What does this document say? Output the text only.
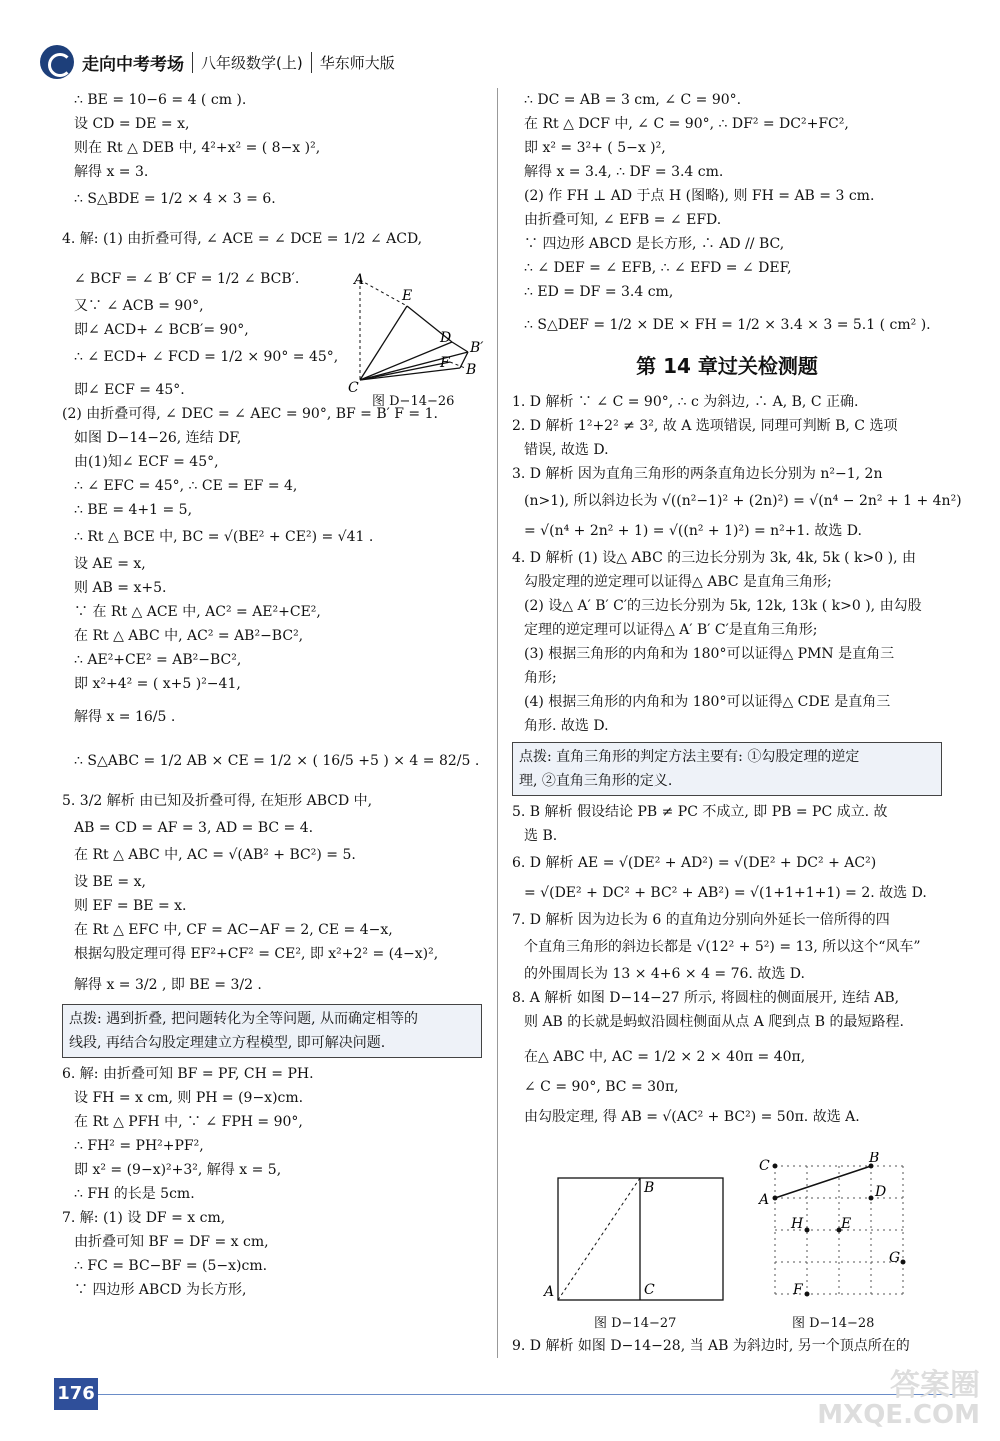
走向中考考场	八年级数学(上)	华东师大版
∴ BE = 10−6 = 4 ( cm ).
设 CD = DE = x,
则在 Rt △ DEB 中, 4²+x² = ( 8−x )²,
解得 x = 3.
∴ S△BDE = 1/2 × 4 × 3 = 6.
4. 解: (1) 由折叠可得, ∠ ACE = ∠ DCE = 1/2 ∠ ACD,
∠ BCF = ∠ B′ CF = 1/2 ∠ BCB′.
又∵ ∠ ACB = 90°,
即∠ ACD+ ∠ BCB′= 90°,
∴ ∠ ECD+ ∠ FCD = 1/2 × 90° = 45°,
即∠ ECF = 45°.
(2) 由折叠可得, ∠ DEC = ∠ AEC = 90°, BF = B′ F = 1.
如图 D−14−26, 连结 DF,
由(1)知∠ ECF = 45°,
∴ ∠ EFC = 45°, ∴ CE = EF = 4,
∴ BE = 4+1 = 5,
∴ Rt △ BCE 中, BC = √(BE² + CE²) = √41 .
设 AE = x,
则 AB = x+5.
∵ 在 Rt △ ACE 中, AC² = AE²+CE²,
在 Rt △ ABC 中, AC² = AB²−BC²,
∴ AE²+CE² = AB²−BC²,
即 x²+4² = ( x+5 )²−41,
解得 x = 16/5 .
∴ S△ABC = 1/2 AB × CE = 1/2 × ( 16/5 +5 ) × 4 = 82/5 .
5. 3/2 解析 由已知及折叠可得, 在矩形 ABCD 中,
AB = CD = AF = 3, AD = BC = 4.
在 Rt △ ABC 中, AC = √(AB² + BC²) = 5.
设 BE = x,
则 EF = BE = x.
在 Rt △ EFC 中, CF = AC−AF = 2, CE = 4−x,
根据勾股定理可得 EF²+CF² = CE², 即 x²+2² = (4−x)²,
解得 x = 3/2 , 即 BE = 3/2 .
点拨: 遇到折叠, 把问题转化为全等问题, 从而确定相等的
线段, 再结合勾股定理建立方程模型, 即可解决问题.
6. 解: 由折叠可知 BF = PF, CH = PH.
设 FH = x cm, 则 PH = (9−x)cm.
在 Rt △ PFH 中, ∵ ∠ FPH = 90°,
∴ FH² = PH²+PF²,
即 x² = (9−x)²+3², 解得 x = 5,
∴ FH 的长是 5cm.
7. 解: (1) 设 DF = x cm,
由折叠可知 BF = DF = x cm,
∴ FC = BC−BF = (5−x)cm.
∵ 四边形 ABCD 为长方形,
A
E
D
B′
F B
C
图 D−14−26
∴ DC = AB = 3 cm, ∠ C = 90°.
在 Rt △ DCF 中, ∠ C = 90°, ∴ DF² = DC²+FC²,
即 x² = 3²+ ( 5−x )²,
解得 x = 3.4, ∴ DF = 3.4 cm.
(2) 作 FH ⊥ AD 于点 H (图略), 则 FH = AB = 3 cm.
由折叠可知, ∠ EFB = ∠ EFD.
∵ 四边形 ABCD 是长方形, ∴ AD // BC,
∴ ∠ DEF = ∠ EFB, ∴ ∠ EFD = ∠ DEF,
∴ ED = DF = 3.4 cm,
∴ S△DEF = 1/2 × DE × FH = 1/2 × 3.4 × 3 = 5.1 ( cm² ).
第 14 章过关检测题
1. D 解析 ∵ ∠ C = 90°, ∴ c 为斜边, ∴ A, B, C 正确.
2. D 解析 1²+2² ≠ 3², 故 A 选项错误, 同理可判断 B, C 选项
错误, 故选 D.
3. D 解析 因为直角三角形的两条直角边长分别为 n²−1, 2n
(n>1), 所以斜边长为 √((n²−1)² + (2n)²) = √(n⁴ − 2n² + 1 + 4n²)
= √(n⁴ + 2n² + 1) = √((n² + 1)²) = n²+1. 故选 D.
4. D 解析 (1) 设△ ABC 的三边长分别为 3k, 4k, 5k ( k>0 ), 由
勾股定理的逆定理可以证得△ ABC 是直角三角形;
(2) 设△ A′ B′ C′的三边长分别为 5k, 12k, 13k ( k>0 ), 由勾股
定理的逆定理可以证得△ A′ B′ C′是直角三角形;
(3) 根据三角形的内角和为 180°可以证得△ PMN 是直角三
角形;
(4) 根据三角形的内角和为 180°可以证得△ CDE 是直角三
角形. 故选 D.
点拨: 直角三角形的判定方法主要有: ①勾股定理的逆定
理, ②直角三角形的定义.
5. B 解析 假设结论 PB ≠ PC 不成立, 即 PB = PC 成立. 故
选 B.
6. D 解析 AE = √(DE² + AD²) = √(DE² + DC² + AC²)
= √(DE² + DC² + BC² + AB²) = √(1+1+1+1) = 2. 故选 D.
7. D 解析 因为边长为 6 的直角边分别向外延长一倍所得的四
个直角三角形的斜边长都是 √(12² + 5²) = 13, 所以这个“风车”
的外围周长为 13 × 4+6 × 4 = 76. 故选 D.
8. A 解析 如图 D−14−27 所示, 将圆柱的侧面展开, 连结 AB,
则 AB 的长就是蚂蚁沿圆柱侧面从点 A 爬到点 B 的最短路程.
在△ ABC 中, AC = 1/2 × 2 × 40π = 40π,
∠ C = 90°, BC = 30π,
由勾股定理, 得 AB = √(AC² + BC²) = 50π. 故选 A.
B
C
A
图 D−14−27
C	B
A	D
H	E
G
F
图 D−14−28
9. D 解析 如图 D−14−28, 当 AB 为斜边时, 另一个顶点所在的
176	答案圈
MXQE.COM
